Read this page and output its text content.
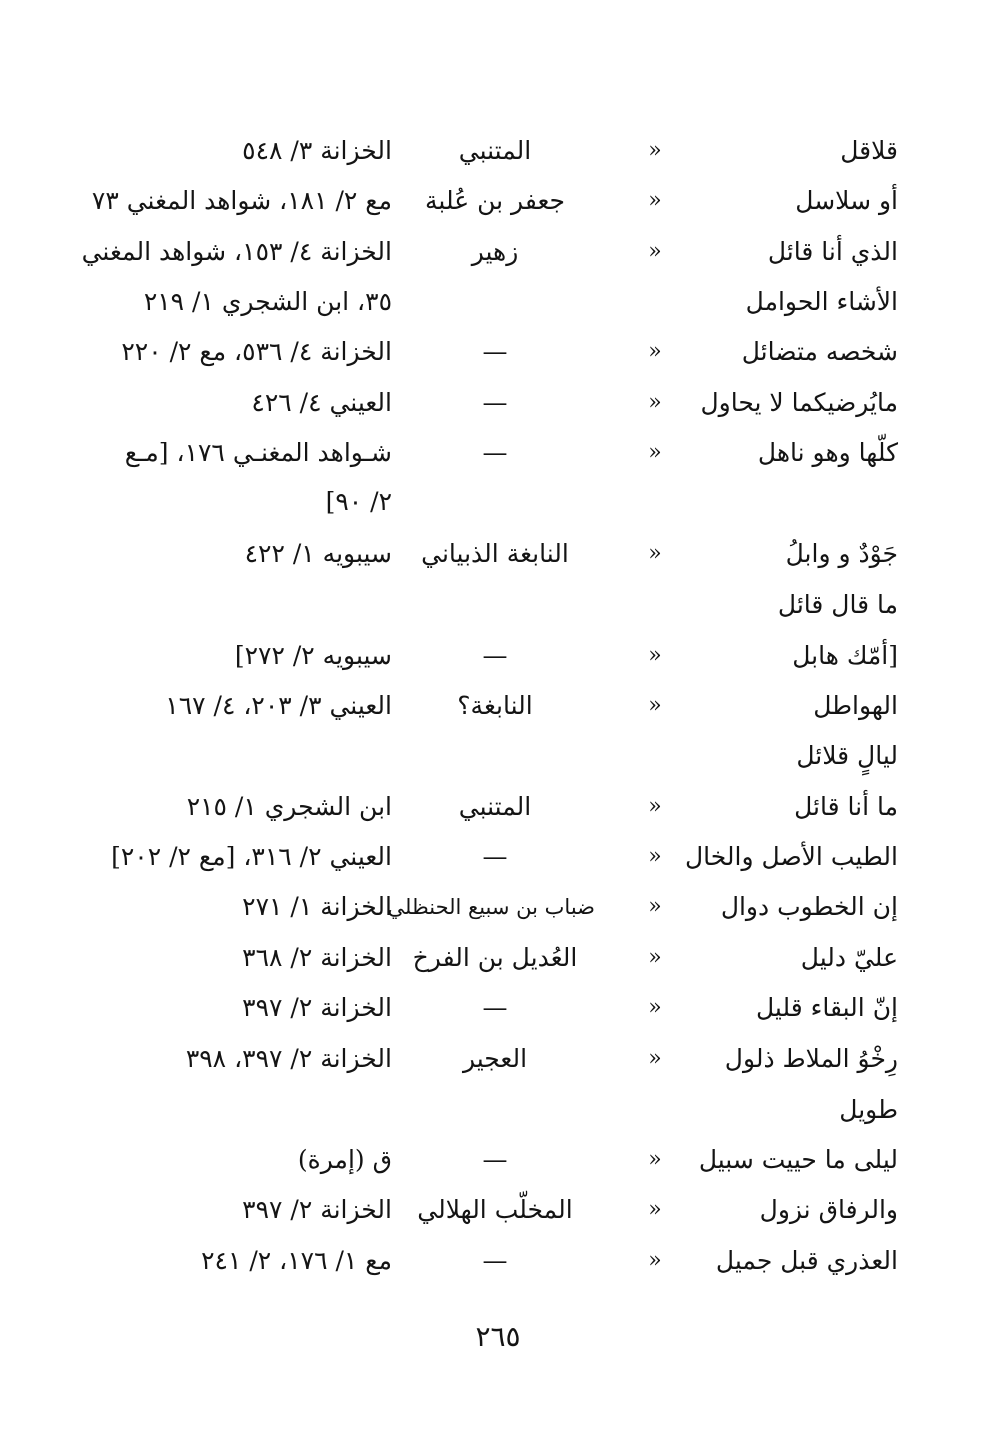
قلاقل
«
المتنبي
الخزانة ٣/ ٥٤٨
أو سلاسل
«
جعفر بن عُلبة
مع ٢/ ١٨١، شواهد المغني ٧٣
الذي أنا قائل
«
زهير
الخزانة ٤/ ١٥٣، شواهد المغني
الأشاء الحوامل
٣٥، ابن الشجري ١/ ٢١٩
شخصه متضائل
«
—
الخزانة ٤/ ٥٣٦، مع ٢/ ٢٢٠
مايُرضيكما لا يحاول
«
—
العيني ٤/ ٤٢٦
كلّها وهو ناهل
«
—
شـواهد المغنـي ١٧٦، [مـع
٢/ ٩٠]
جَوْدٌ و وابلُ
«
النابغة الذبياني
سيبويه ١/ ٤٢٢
ما قال قائل
[أمّك هابل
«
—
سيبويه ٢/ ٢٧٢]
الهواطل
«
النابغة؟
العيني ٣/ ٢٠٣، ٤/ ١٦٧
ليالٍ قلائل
ما أنا قائل
«
المتنبي
ابن الشجري ١/ ٢١٥
الطيب الأصل والخال
«
—
العيني ٢/ ٣١٦، [مع ٢/ ٢٠٢]
إن الخطوب دوال
«
ضباب بن سبيع الحنظلي
الخزانة ١/ ٢٧١
عليّ دليل
«
العُديل بن الفرخ
الخزانة ٢/ ٣٦٨
إنّ البقاء قليل
«
—
الخزانة ٢/ ٣٩٧
رِخْوُ الملاط ذلول
«
العجير
الخزانة ٢/ ٣٩٧، ٣٩٨
طويل
ليلى ما حييت سبيل
«
—
ق (إمرة)
والرفاق نزول
«
المخلّب الهلالي
الخزانة ٢/ ٣٩٧
العذري قبل جميل
«
—
مع ١/ ١٧٦، ٢/ ٢٤١
٢٦٥
